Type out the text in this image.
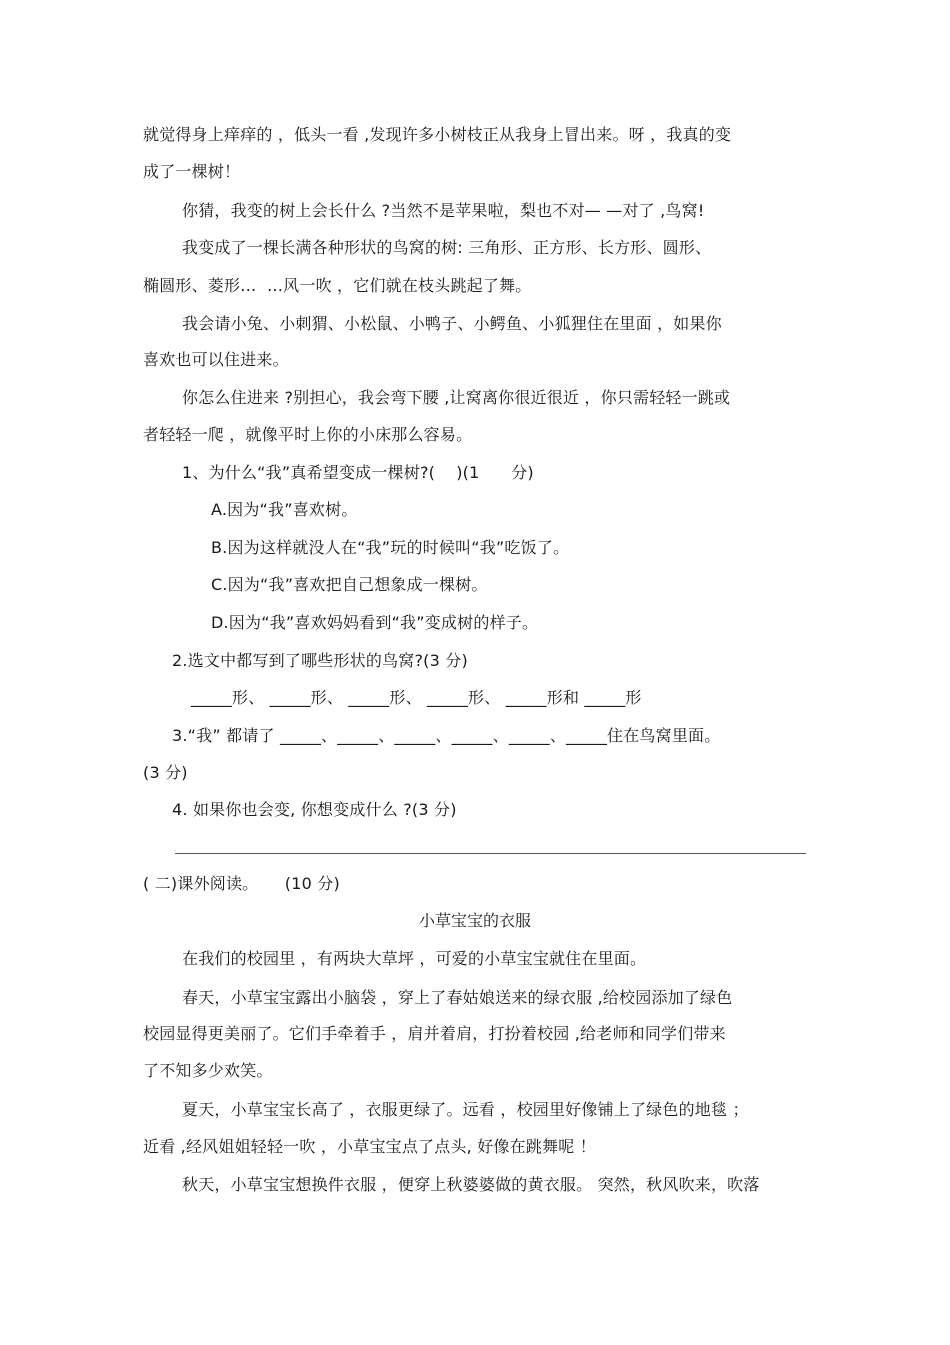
就觉得身上痒痒的 ，低头一看 ,发现许多小树枝正从我身上冒出来。呀 ，我真的变
成了一棵树！
你猜，我变的树上会长什么 ?当然不是苹果啦，梨也不对— —对了 ,鸟窝!
我变成了一棵长满各种形状的鸟窝的树: 三角形、正方形、长方形、圆形、
椭圆形、菱形…  …风一吹 ，它们就在枝头跳起了舞。
我会请小兔、小刺猬、小松鼠、小鸭子、小鳄鱼、小狐狸住在里面 ，如果你
喜欢也可以住进来。
你怎么住进来 ?别担心，我会弯下腰 ,让窝离你很近很近 ，你只需轻轻一跳或
者轻轻一爬 ，就像平时上你的小床那么容易。
1、为什么“我”真希望变成一棵树?(    )(1      分)
A.因为“我”喜欢树。
B.因为这样就没人在“我”玩的时候叫“我”吃饭了。
C.因为“我”喜欢把自己想象成一棵树。
D.因为“我”喜欢妈妈看到“我”变成树的样子。
2.选文中都写到了哪些形状的鸟窝?(3 分)
_____形、 _____形、 _____形、 _____形、 _____形和 _____形
3.“我” 都请了 _____、_____、_____、_____、_____、_____住在鸟窝里面。
(3 分)
4. 如果你也会变, 你想变成什么 ?(3 分)
( 二)课外阅读。     (10 分)
小草宝宝的衣服
在我们的校园里 ，有两块大草坪 ，可爱的小草宝宝就住在里面。
春天，小草宝宝露出小脑袋 ，穿上了春姑娘送来的绿衣服 ,给校园添加了绿色
校园显得更美丽了。它们手牵着手 ，肩并着肩，打扮着校园 ,给老师和同学们带来
了不知多少欢笑。
夏天，小草宝宝长高了 ，衣服更绿了。远看 ，校园里好像铺上了绿色的地毯 ；
近看 ,经风姐姐轻轻一吹 ，小草宝宝点了点头, 好像在跳舞呢 ！
秋天，小草宝宝想换件衣服 ，便穿上秋婆婆做的黄衣服。 突然，秋风吹来，吹落
